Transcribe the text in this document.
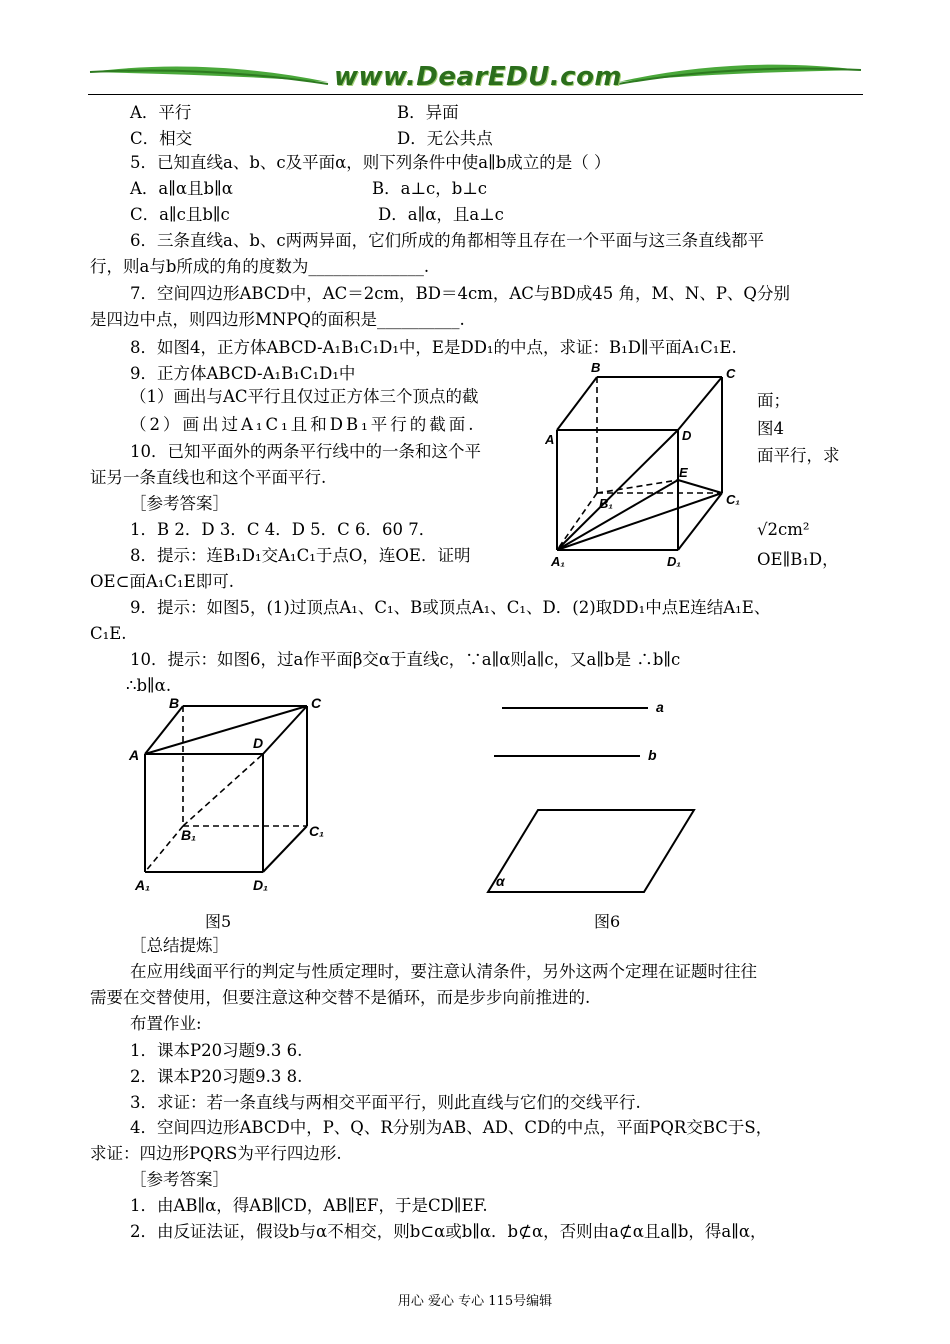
www.DearEDU.com
A．平行	B．异面
C．相交	D．无公共点
5．已知直线a、b、c及平面α，则下列条件中使a∥b成立的是（ ）
A．a∥α且b∥α	B．a⊥c，b⊥c
C．a∥c且b∥c	D．a∥α，且a⊥c
6．三条直线a、b、c两两异面，它们所成的角都相等且存在一个平面与这三条直线都平
行，则a与b所成的角的度数为______________.
7．空间四边形ABCD中，AC＝2cm，BD＝4cm，AC与BD成45 角，M、N、P、Q分别
是四边中点，则四边形MNPQ的面积是__________.
8．如图4，正方体ABCD-A₁B₁C₁D₁中，E是DD₁的中点，求证：B₁D∥平面A₁C₁E.
9．正方体ABCD-A₁B₁C₁D₁中
（1）画出与AC平行且仅过正方体三个顶点的截
（2）画出过A₁C₁且和DB₁平行的截面.
10．已知平面外的两条平行线中的一条和这个平
证另一条直线也和这个平面平行.
［参考答案］
1．B 2．D 3．C 4．D 5．C 6．60 7．
8．提示：连B₁D₁交A₁C₁于点O，连OE．证明
OE⊂面A₁C₁E即可.
9．提示：如图5，(1)过顶点A₁、C₁、B或顶点A₁、C₁、D．(2)取DD₁中点E连结A₁E、
C₁E.
10．提示：如图6，过a作平面β交α于直线c，∵a∥α则a∥c，又a∥b是 ∴b∥c
∴b∥α.
面；
图4
面平行，求
√2cm²
OE∥B₁D，
B	C
A	D
E
B₁	C₁
A₁	D₁
B	C
A
D
B₁	C₁
A₁	D₁
图5
a
b
α
图6
［总结提炼］
在应用线面平行的判定与性质定理时，要注意认清条件，另外这两个定理在证题时往往
需要在交替使用，但要注意这种交替不是循环，而是步步向前推进的.
布置作业:
1．课本P20习题9.3 6.
2．课本P20习题9.3 8.
3．求证：若一条直线与两相交平面平行，则此直线与它们的交线平行.
4．空间四边形ABCD中，P、Q、R分别为AB、AD、CD的中点，平面PQR交BC于S，
求证：四边形PQRS为平行四边形.
［参考答案］
1．由AB∥α，得AB∥CD，AB∥EF，于是CD∥EF.
2．由反证法证，假设b与α不相交，则b⊂α或b∥α．b⊄α，否则由a⊄α且a∥b，得a∥α，
用心 爱心 专心 115号编辑
